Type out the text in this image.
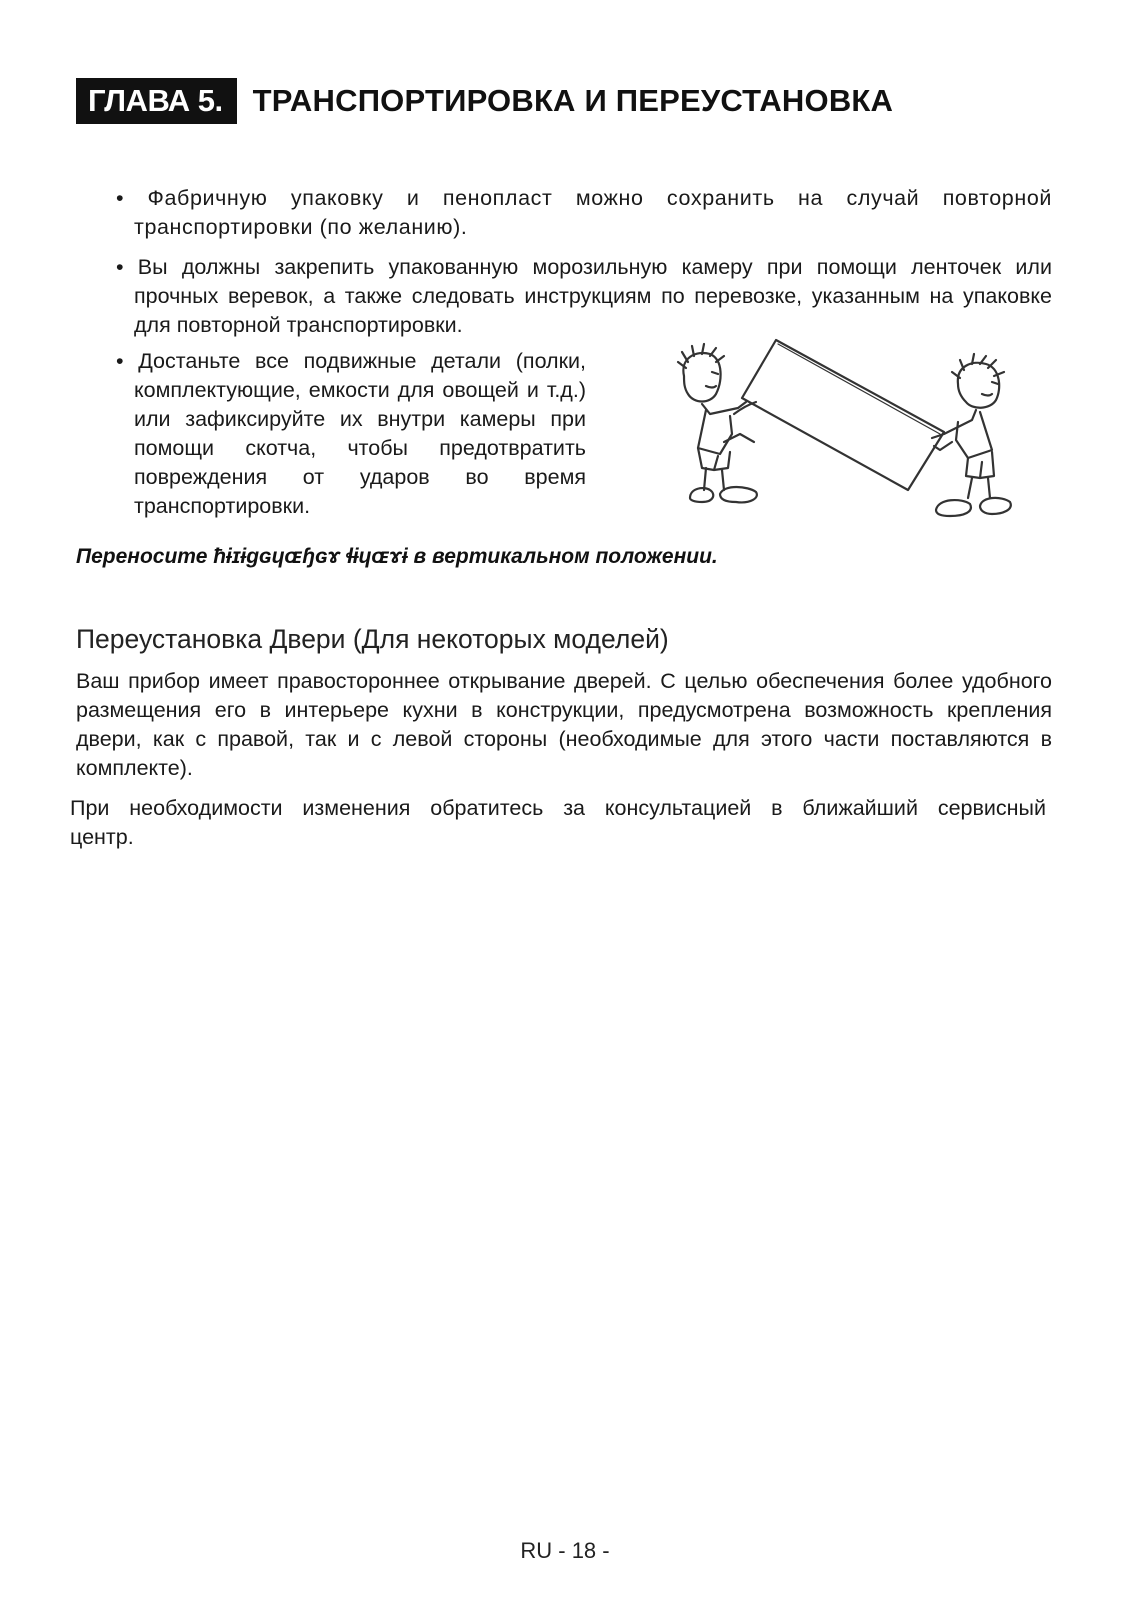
ГЛАВА 5. ТРАНСПОРТИРОВКА И ПЕРЕУСТАНОВКА
• Фабричную упаковку и пенопласт можно сохранить на случай повторной транспортировки (по желанию).
• Вы должны закрепить упакованную морозильную камеру при помощи ленточек или прочных веревок, а также следовать инструкциям по перевозке, указанным на упаковке для повторной транспортировки.
• Достаньте все подвижные детали (полки, комплектующие, емкости для овощей и т.д.) или зафиксируйте их внутри камеры при помощи скотча, чтобы предотвратить повреждения от ударов во время транспортировки.
Переносите ћɨɪɨɡɢɥɶɧɢɤ ɬɨɥɶɤɨ в вертикальном положении.
Переустановка Двери (Для некоторых моделей)
Ваш прибор имеет правостороннее открывание дверей. С целью обеспечения более удобного размещения его в интерьере кухни в конструкции, предусмотрена возможность крепления двери, как с правой, так и с левой стороны (необходимые для этого части поставляются в комплекте).
При необходимости изменения обратитесь за консультацией в ближайший сервисный центр.
RU - 18 -
